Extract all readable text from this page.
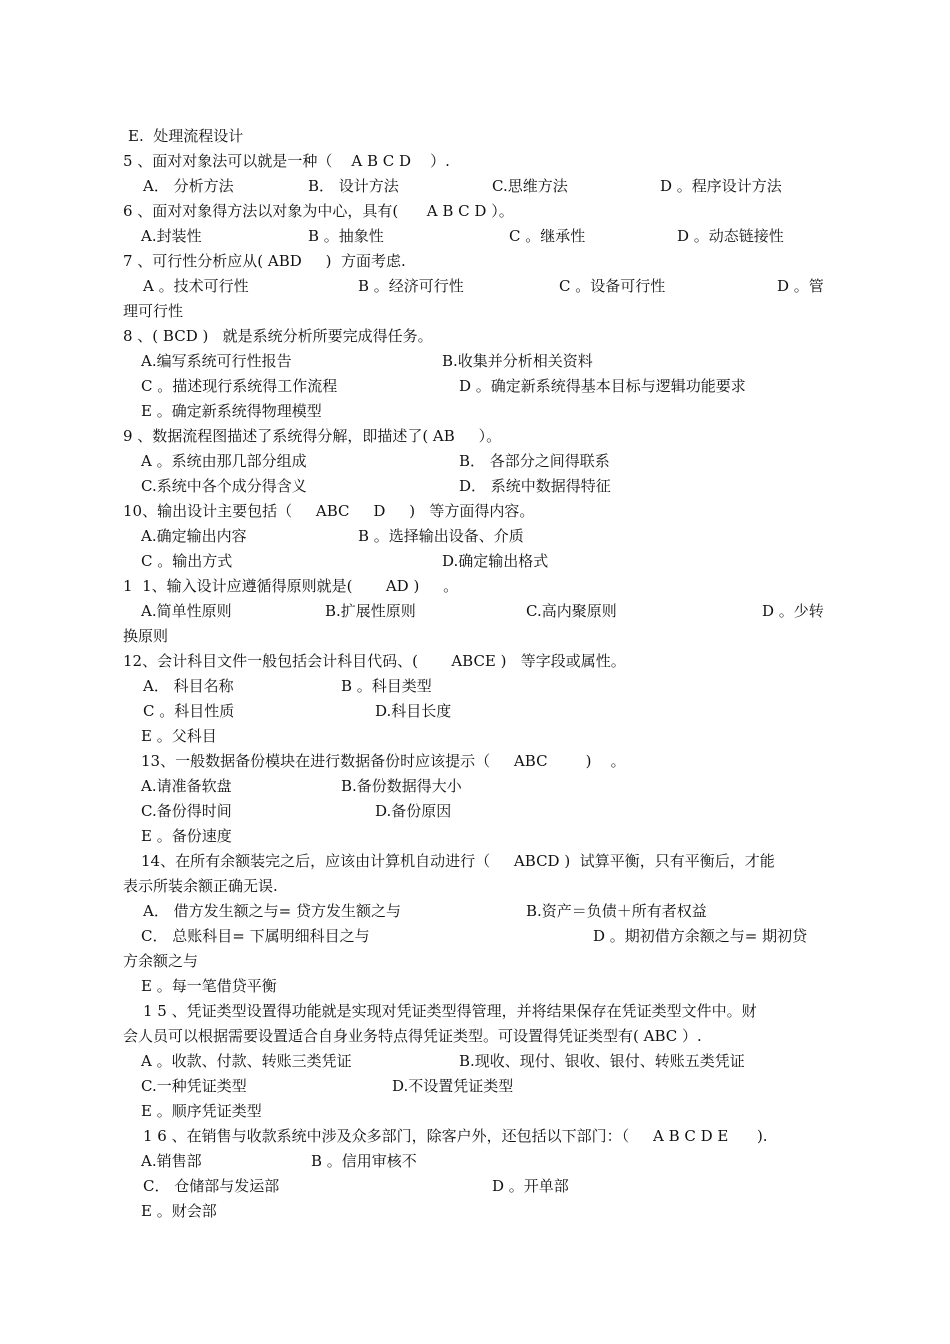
E.  处理流程设计

5 、面对对象法可以就是一种（    A B C D    ）.

A． 分析方法

	B． 设计方法

	C.思维方法

	D 。程序设计方法

6 、面对对象得方法以对象为中心，具有(      A B C D ）。

A.封装性

	B 。抽象性

	C 。继承性

	D 。动态链接性

7 、可行性分析应从( ABD     )  方面考虑.

A 。技术可行性

	B 。经济可行性

	C 。设备可行性

	D 。管

理可行性

8 、( BCD )   就是系统分析所要完成得任务。

A.编写系统可行性报告

	B.收集并分析相关资料

C 。描述现行系统得工作流程

	D 。确定新系统得基本目标与逻辑功能要求

E 。确定新系统得物理模型

9 、数据流程图描述了系统得分解，即描述了( AB     ）。

A 。系统由那几部分组成

	B． 各部分之间得联系

C.系统中各个成分得含义

	D． 系统中数据得特征

10、输出设计主要包括（     ABC     D     )   等方面得内容。

A.确定输出内容

	B 。选择输出设备、介质

C 。输出方式

	D.确定输出格式

1  1、输入设计应遵循得原则就是(       AD )     。

A.简单性原则

	B.扩展性原则

	C.高内聚原则

	D 。少转

换原则

12、会计科目文件一般包括会计科目代码、(       ABCE )   等字段或属性。

A． 科目名称

	B 。科目类型

C 。科目性质

	D.科目长度

E 。父科目

13、一般数据备份模块在进行数据备份时应该提示（     ABC        )    。

A.请准备软盘

	B.备份数据得大小

C.备份得时间

	D.备份原因

E 。备份速度

14、在所有余额装完之后，应该由计算机自动进行（     ABCD )  试算平衡，只有平衡后，才能

表示所装余额正确无误.

A． 借方发生额之与= 贷方发生额之与

	B.资产＝负债＋所有者权益

C． 总账科目= 下属明细科目之与

	D 。期初借方余额之与= 期初贷

方余额之与

E 。每一笔借贷平衡

1 5 、凭证类型设置得功能就是实现对凭证类型得管理，并将结果保存在凭证类型文件中。财

会人员可以根据需要设置适合自身业务特点得凭证类型。可设置得凭证类型有( ABC ）.

A 。收款、付款、转账三类凭证

	B.现收、现付、银收、银付、转账五类凭证

C.一种凭证类型

	D.不设置凭证类型

E 。顺序凭证类型

1 6 、在销售与收款系统中涉及众多部门，除客户外，还包括以下部门：（     A B C D E      ).

A.销售部

	B 。信用审核不

C． 仓储部与发运部

	D 。开单部

E 。财会部
